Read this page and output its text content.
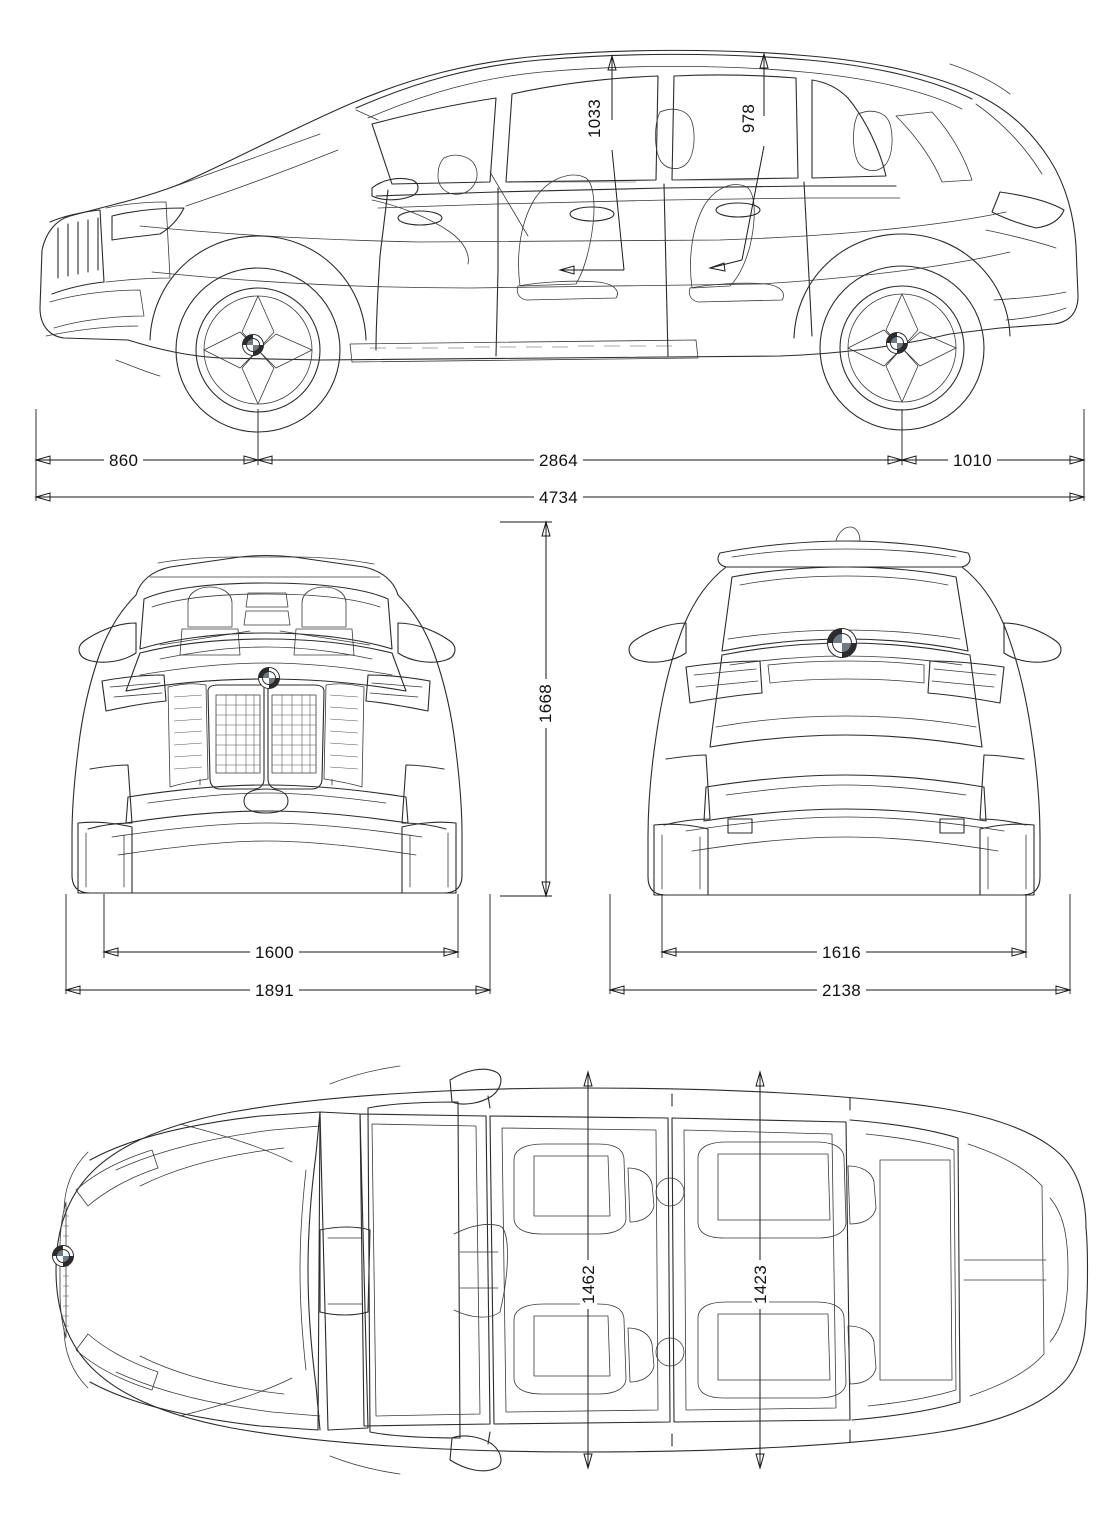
860	2864	1010
4734
1033	978
1668
1600
1891
1616
2138
1462	1423
